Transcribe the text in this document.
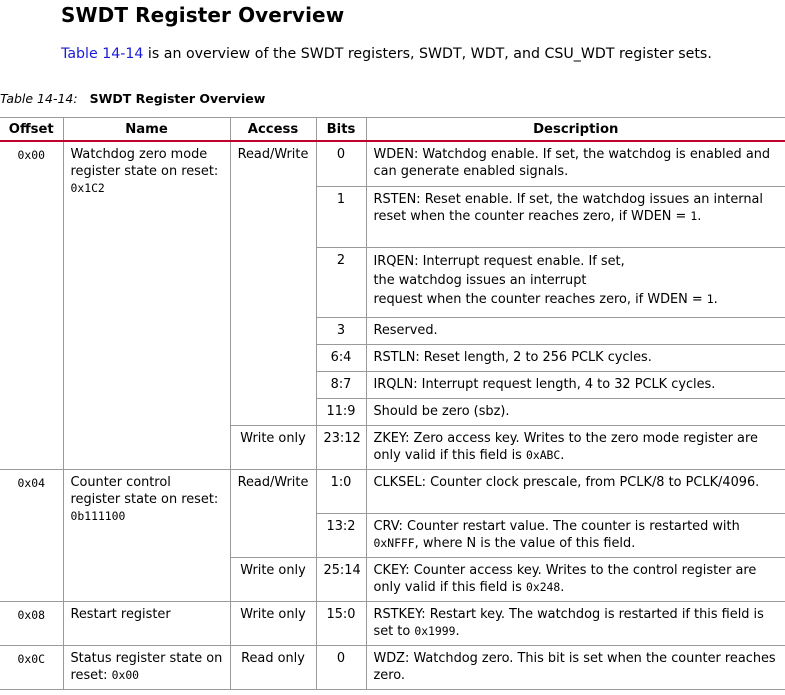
SWDT Register Overview

Table 14-14 is an overview of the SWDT registers, SWDT, WDT, and CSU_WDT register sets.

Table 14-14: SWDT Register Overview

Offset	Name	Access	Bits	Description
0x00	Watchdog zero mode register state on reset: 0x1C2	Read/Write	0	WDEN: Watchdog enable. If set, the watchdog is enabled and can generate enabled signals.
			1	RSTEN: Reset enable. If set, the watchdog issues an internal reset when the counter reaches zero, if WDEN = 1.
			2	IRQEN: Interrupt request enable. If set,
the watchdog issues an interrupt
request when the counter reaches zero, if WDEN = 1.

			3	Reserved.
			6:4	RSTLN: Reset length, 2 to 256 PCLK cycles.
			8:7	IRQLN: Interrupt request length, 4 to 32 PCLK cycles.
			11:9	Should be zero (sbz).
		Write only	23:12	ZKEY: Zero access key. Writes to the zero mode register are only valid if this field is 0xABC.
0x04	Counter control register state on reset: 0b111100	Read/Write	1:0	CLKSEL: Counter clock prescale, from PCLK/8 to PCLK/4096.
			13:2	CRV: Counter restart value. The counter is restarted with 0xNFFF, where N is the value of this field.
		Write only	25:14	CKEY: Counter access key. Writes to the control register are only valid if this field is 0x248.
0x08	Restart register	Write only	15:0	RSTKEY: Restart key. The watchdog is restarted if this field is set to 0x1999.
0x0C	Status register state on reset: 0x00	Read only	0	WDZ: Watchdog zero. This bit is set when the counter reaches zero.
